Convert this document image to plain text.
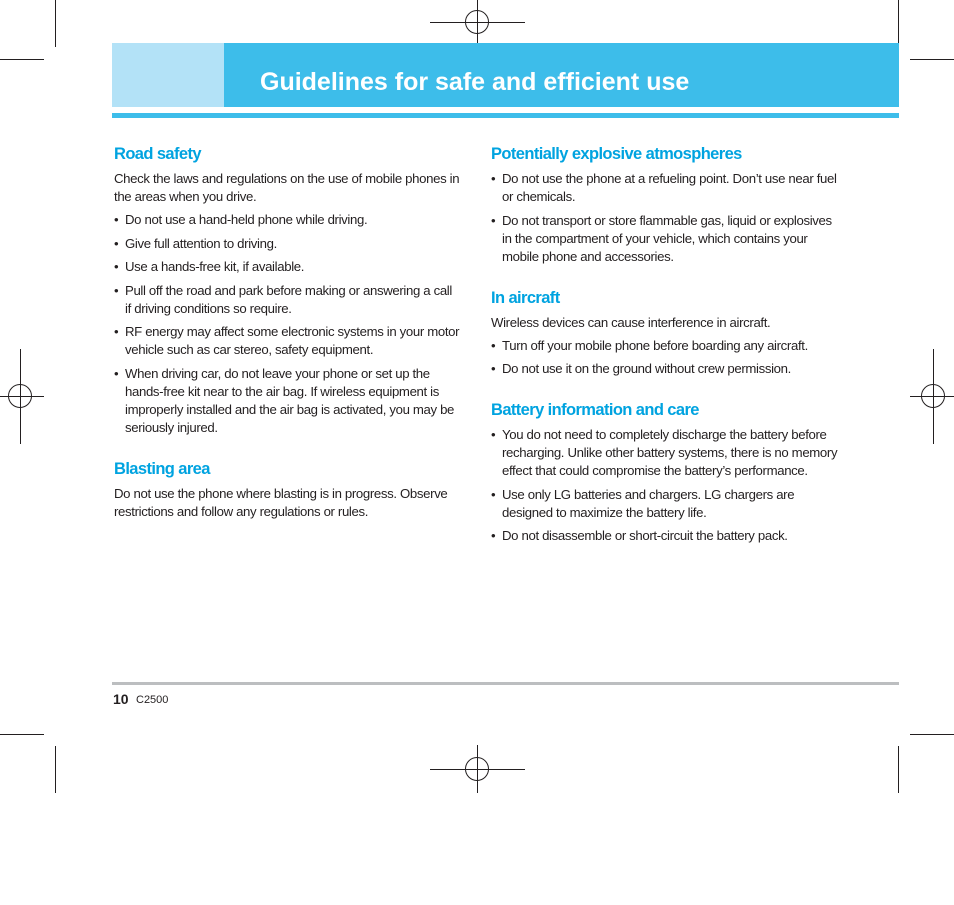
Guidelines for safe and efficient use
Road safety

Check the laws and regulations on the use of mobile phones in the areas when you drive.

• Do not use a hand-held phone while driving.
• Give full attention to driving.
• Use a hands-free kit, if available.
• Pull off the road and park before making or answering a call if driving conditions so require.
• RF energy may affect some electronic systems in your motor vehicle such as car stereo, safety equipment.
• When driving car, do not leave your phone or set up the hands-free kit near to the air bag. If wireless equipment is improperly installed and the air bag is activated, you may be seriously injured.
Blasting area

Do not use the phone where blasting is in progress. Observe restrictions and follow any regulations or rules.

Potentially explosive atmospheres
• Do not use the phone at a refueling point. Don’t use near fuel or chemicals.
• Do not transport or store flammable gas, liquid or explosives in the compartment of your vehicle, which contains your mobile phone and accessories.
In aircraft

Wireless devices can cause interference in aircraft.

• Turn off your mobile phone before boarding any aircraft.
• Do not use it on the ground without crew permission.
Battery information and care
• You do not need to completely discharge the battery before recharging. Unlike other battery systems, there is no memory effect that could compromise the battery’s performance.
• Use only LG batteries and chargers. LG chargers are designed to maximize the battery life.
• Do not disassemble or short-circuit the battery pack.
10 C2500
